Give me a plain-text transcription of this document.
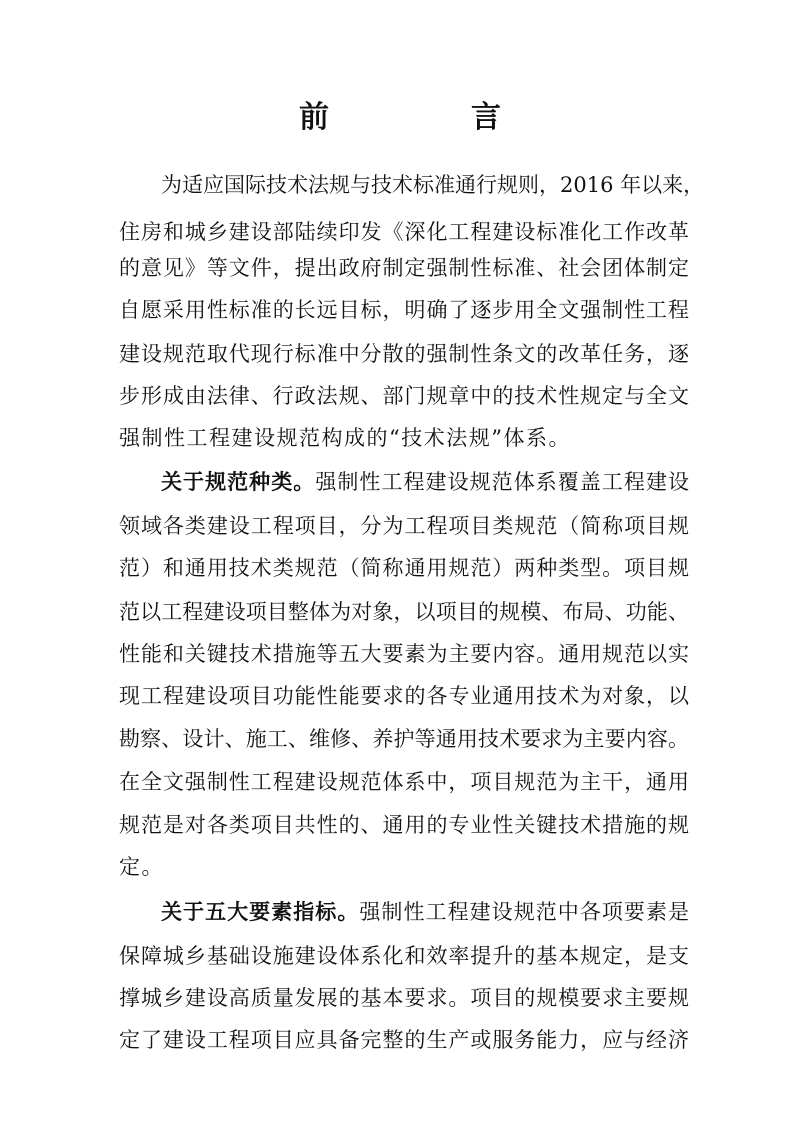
前　言
为适应国际技术法规与技术标准通行规则，2016 年以来，
住房和城乡建设部陆续印发《深化工程建设标准化工作改革
的意见》等文件，提出政府制定强制性标准、社会团体制定
自愿采用性标准的长远目标，明确了逐步用全文强制性工程
建设规范取代现行标准中分散的强制性条文的改革任务，逐
步形成由法律、行政法规、部门规章中的技术性规定与全文
强制性工程建设规范构成的“技术法规”体系。
关于规范种类。强制性工程建设规范体系覆盖工程建设
领域各类建设工程项目，分为工程项目类规范（简称项目规
范）和通用技术类规范（简称通用规范）两种类型。项目规
范以工程建设项目整体为对象，以项目的规模、布局、功能、
性能和关键技术措施等五大要素为主要内容。通用规范以实
现工程建设项目功能性能要求的各专业通用技术为对象，以
勘察、设计、施工、维修、养护等通用技术要求为主要内容。
在全文强制性工程建设规范体系中，项目规范为主干，通用
规范是对各类项目共性的、通用的专业性关键技术措施的规
定。
关于五大要素指标。强制性工程建设规范中各项要素是
保障城乡基础设施建设体系化和效率提升的基本规定，是支
撑城乡建设高质量发展的基本要求。项目的规模要求主要规
定了建设工程项目应具备完整的生产或服务能力，应与经济
